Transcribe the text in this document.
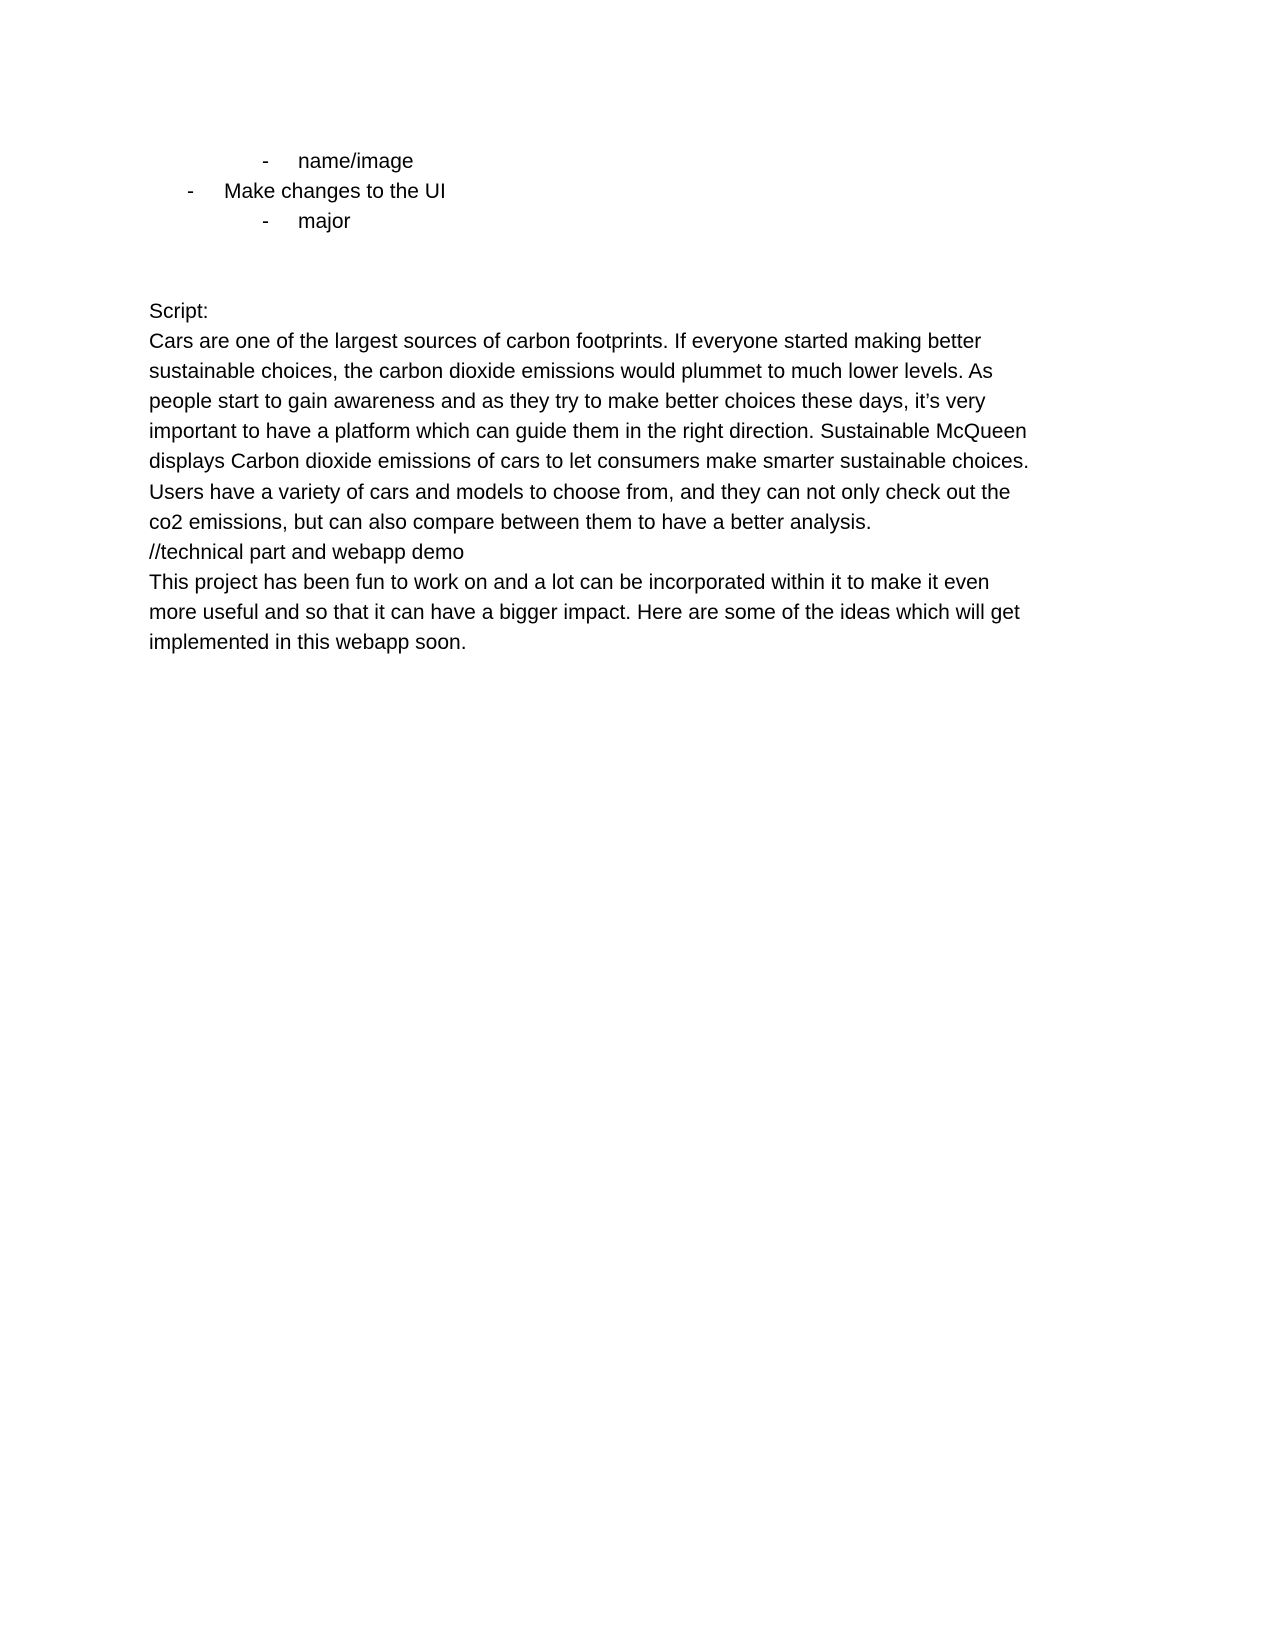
- name/image
- Make changes to the UI
- major
Script:
Cars are one of the largest sources of carbon footprints. If everyone started making better
sustainable choices, the carbon dioxide emissions would plummet to much lower levels. As
people start to gain awareness and as they try to make better choices these days, it’s very
important to have a platform which can guide them in the right direction. Sustainable McQueen
displays Carbon dioxide emissions of cars to let consumers make smarter sustainable choices.
Users have a variety of cars and models to choose from, and they can not only check out the
co2 emissions, but can also compare between them to have a better analysis.
//technical part and webapp demo
This project has been fun to work on and a lot can be incorporated within it to make it even
more useful and so that it can have a bigger impact. Here are some of the ideas which will get
implemented in this webapp soon.
